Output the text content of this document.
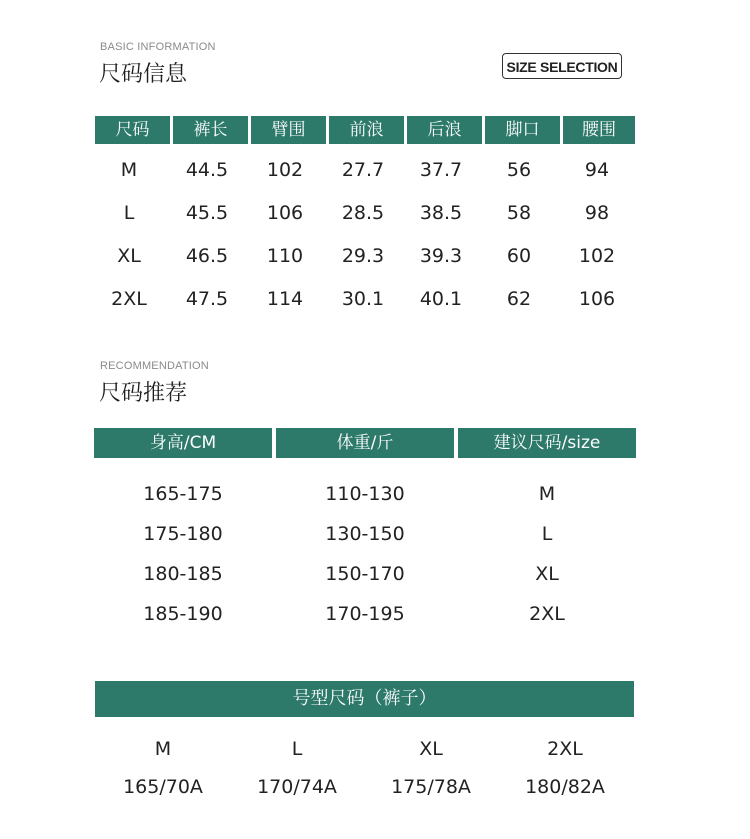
BASIC INFORMATION
尺码信息	SIZE SELECTION
尺码	裤长	臂围	前浪	后浪	脚口	腰围
M	44.5	102	27.7	37.7	56	94
L	45.5	106	28.5	38.5	58	98
XL	46.5	110	29.3	39.3	60	102
2XL	47.5	114	30.1	40.1	62	106
RECOMMENDATION
尺码推荐
身高/CM	体重/斤	建议尺码/size
165-175	110-130	M
175-180	130-150	L
180-185	150-170	XL
185-190	170-195	2XL
号型尺码（裤子）
M	L	XL	2XL
165/70A	170/74A	175/78A	180/82A
